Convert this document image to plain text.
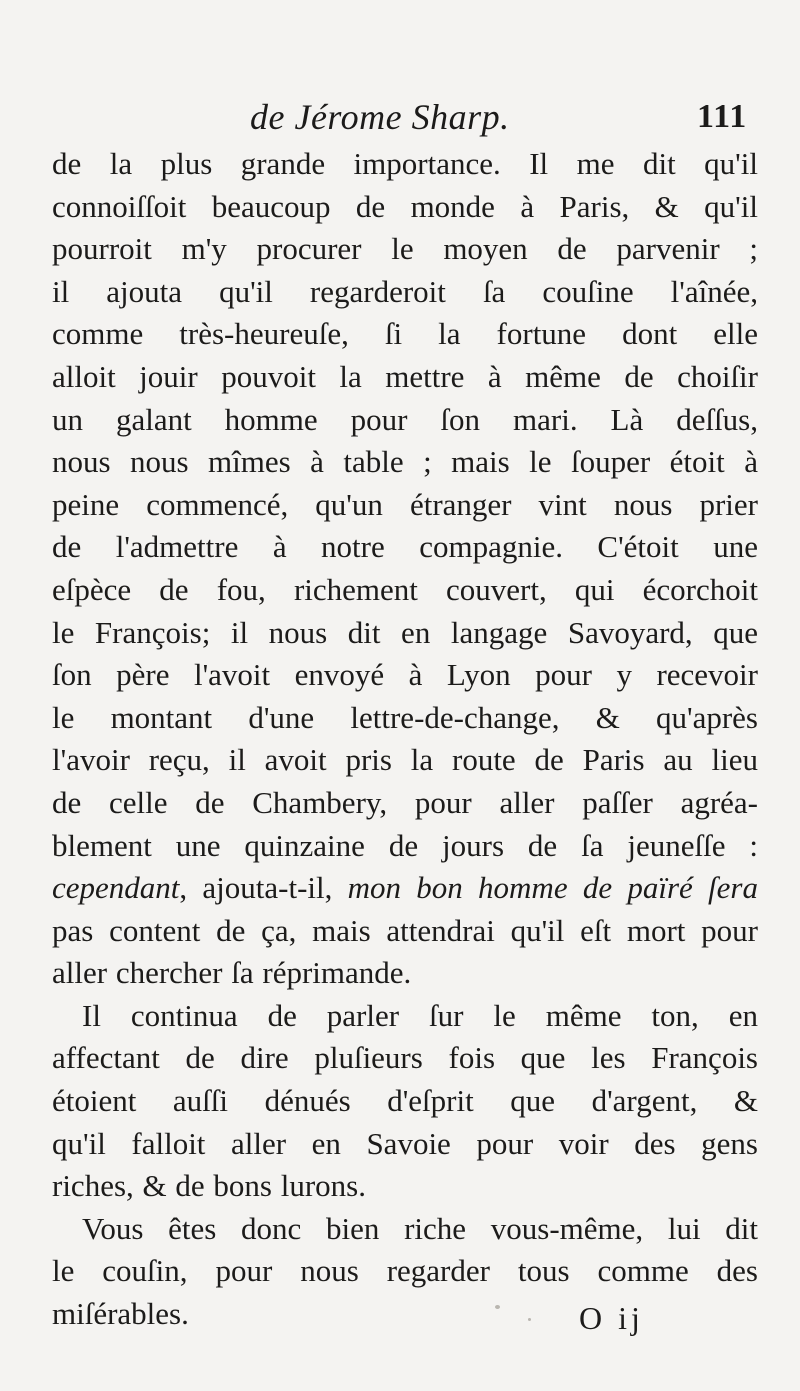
de Jérome Sharp.	111
de la plus grande importance. Il me dit qu'il
connoiſſoit beaucoup de monde à Paris, & qu'il
pourroit m'y procurer le moyen de parvenir ;
il ajouta qu'il regarderoit ſa couſine l'aînée,
comme très-heureuſe, ſi la fortune dont elle
alloit jouir pouvoit la mettre à même de choiſir
un galant homme pour ſon mari. Là deſſus,
nous nous mîmes à table ; mais le ſouper étoit à
peine commencé, qu'un étranger vint nous prier
de l'admettre à notre compagnie. C'étoit une
eſpèce de fou, richement couvert, qui écorchoit
le François; il nous dit en langage Savoyard, que
ſon père l'avoit envoyé à Lyon pour y recevoir
le montant d'une lettre-de-change, & qu'après
l'avoir reçu, il avoit pris la route de Paris au lieu
de celle de Chambery, pour aller paſſer agréa-
blement une quinzaine de jours de ſa jeuneſſe :
cependant, ajouta-t-il, mon bon homme de païré ſera
pas content de ça, mais attendrai qu'il eſt mort pour
aller chercher ſa réprimande.
Il continua de parler ſur le même ton, en
affectant de dire pluſieurs fois que les François
étoient auſſi dénués d'eſprit que d'argent, &
qu'il falloit aller en Savoie pour voir des gens
riches, & de bons lurons.
Vous êtes donc bien riche vous-même, lui dit
le couſin, pour nous regarder tous comme des
miſérables.	O ij
